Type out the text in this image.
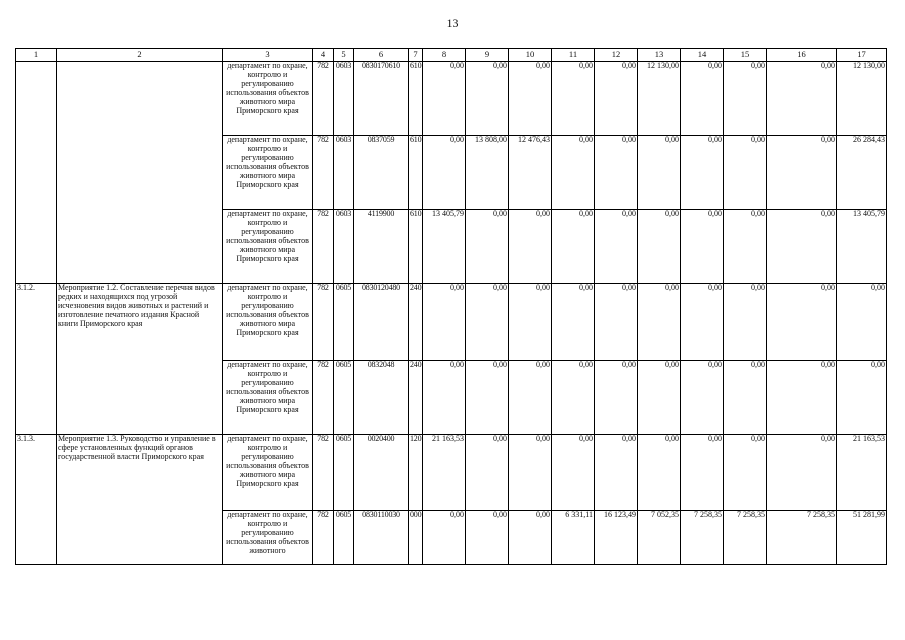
13
1	2	3	4	5	6	7	8	9	10	11	12	13	14	15	16	17
		департамент по охране, контролю и регулированию использования объектов животного мира Приморского края	782	0603	0830170610	610	0,00	0,00	0,00	0,00	0,00	12 130,00	0,00	0,00	0,00	12 130,00
		департамент по охране, контролю и регулированию использования объектов животного мира Приморского края	782	0603	0837059	610	0,00	13 808,00	12 476,43	0,00	0,00	0,00	0,00	0,00	0,00	26 284,43
		департамент по охране, контролю и регулированию использования объектов животного мира Приморского края	782	0603	4119900	610	13 405,79	0,00	0,00	0,00	0,00	0,00	0,00	0,00	0,00	13 405,79
3.1.2.	Мероприятие 1.2. Составление перечня видов редких и находящихся под угрозой исчезновения видов животных и растений и изготовление печатного издания Красной книги Приморского края	департамент по охране, контролю и регулированию использования объектов животного мира Приморского края	782	0605	0830120480	240	0,00	0,00	0,00	0,00	0,00	0,00	0,00	0,00	0,00	0,00
		департамент по охране, контролю и регулированию использования объектов животного мира Приморского края	782	0605	0832048	240	0,00	0,00	0,00	0,00	0,00	0,00	0,00	0,00	0,00	0,00
3.1.3.	Мероприятие 1.3. Руководство и управление в сфере установленных функций органов государственной власти Приморского края	департамент по охране, контролю и регулированию использования объектов животного мира Приморского края	782	0605	0020400	120	21 163,53	0,00	0,00	0,00	0,00	0,00	0,00	0,00	0,00	21 163,53
		департамент по охране, контролю и регулированию использования объектов животного	782	0605	0830110030	000	0,00	0,00	0,00	6 331,11	16 123,49	7 052,35	7 258,35	7 258,35	7 258,35	51 281,99
